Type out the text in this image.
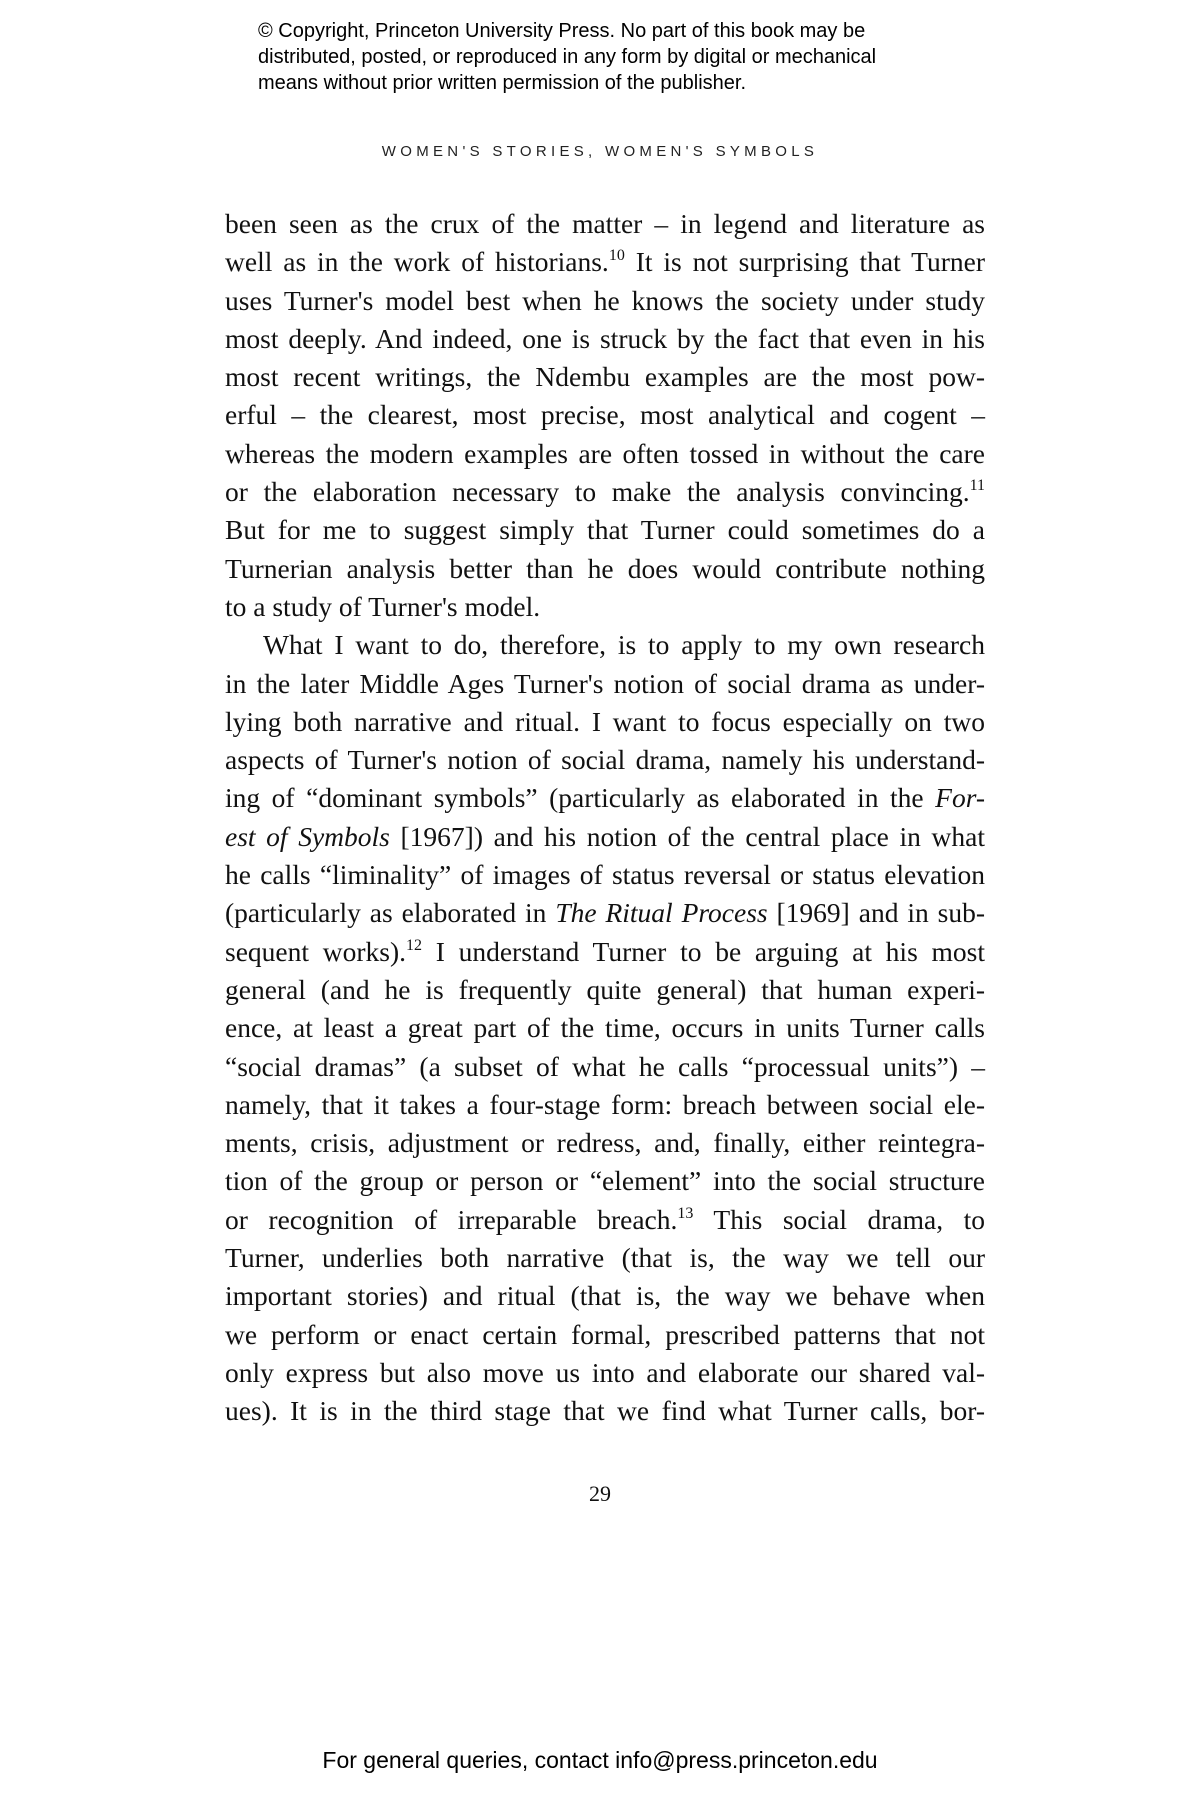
© Copyright, Princeton University Press. No part of this book may be
distributed, posted, or reproduced in any form by digital or mechanical
means without prior written permission of the publisher.
WOMEN'S STORIES, WOMEN'S SYMBOLS
been seen as the crux of the matter – in legend and literature as
well as in the work of historians.$^{10}$ It is not surprising that Turner
uses Turner's model best when he knows the society under study
most deeply. And indeed, one is struck by the fact that even in his
most recent writings, the Ndembu examples are the most pow-
erful – the clearest, most precise, most analytical and cogent –
whereas the modern examples are often tossed in without the care
or the elaboration necessary to make the analysis convincing.$^{11}$
But for me to suggest simply that Turner could sometimes do a
Turnerian analysis better than he does would contribute nothing
to a study of Turner's model.
What I want to do, therefore, is to apply to my own research
in the later Middle Ages Turner's notion of social drama as under-
lying both narrative and ritual. I want to focus especially on two
aspects of Turner's notion of social drama, namely his understand-
ing of “dominant symbols” (particularly as elaborated in the For-
est of Symbols [1967]) and his notion of the central place in what
he calls “liminality” of images of status reversal or status elevation
(particularly as elaborated in The Ritual Process [1969] and in sub-
sequent works).$^{12}$ I understand Turner to be arguing at his most
general (and he is frequently quite general) that human experi-
ence, at least a great part of the time, occurs in units Turner calls
“social dramas” (a subset of what he calls “processual units”) –
namely, that it takes a four-stage form: breach between social ele-
ments, crisis, adjustment or redress, and, finally, either reintegra-
tion of the group or person or “element” into the social structure
or recognition of irreparable breach.$^{13}$ This social drama, to
Turner, underlies both narrative (that is, the way we tell our
important stories) and ritual (that is, the way we behave when
we perform or enact certain formal, prescribed patterns that not
only express but also move us into and elaborate our shared val-
ues). It is in the third stage that we find what Turner calls, bor-
29
For general queries, contact info@press.princeton.edu
